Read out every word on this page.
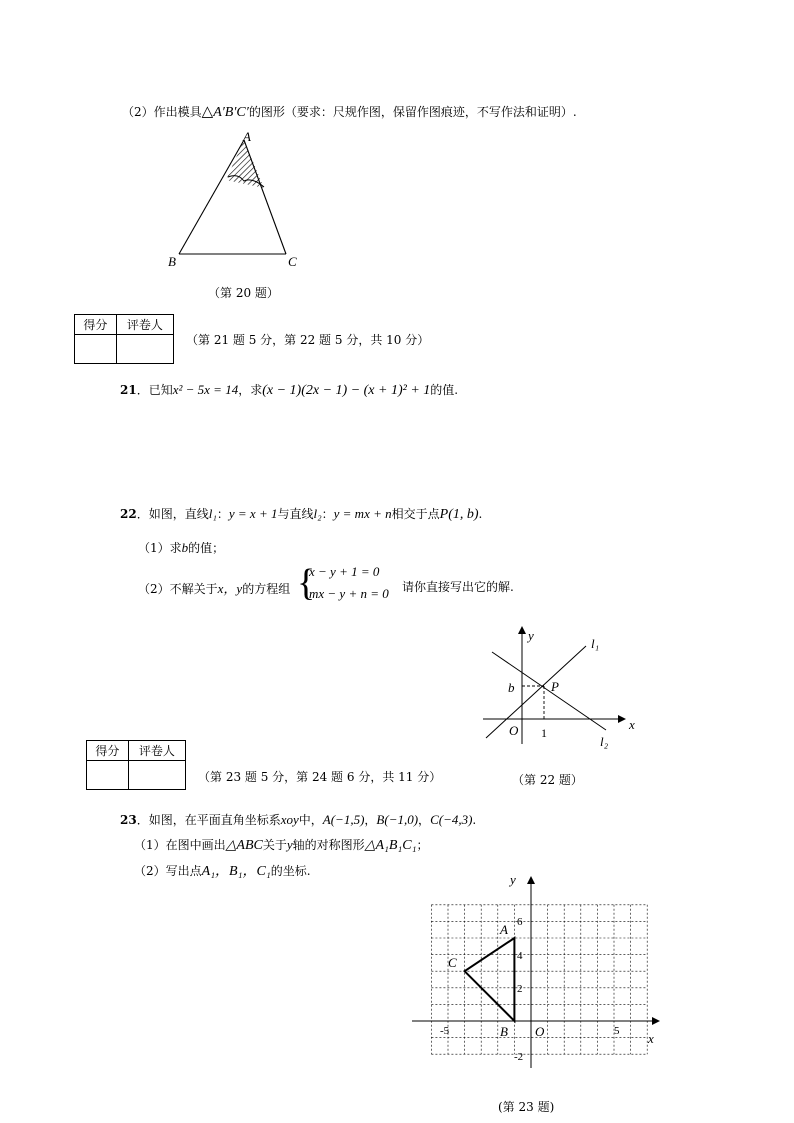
（2）作出模具△A′B′C′的图形（要求：尺规作图，保留作图痕迹，不写作法和证明）.
A
B	C
（第 20 题）
得分	评卷人

（第 21 题 5 分，第 22 题 5 分，共 10 分）
21．已知x² − 5x = 14，求(x − 1)(2x − 1) − (x + 1)² + 1的值.
22．如图，直线l₁：y = x + 1与直线l₂：y = mx + n相交于点P(1, b).
（1）求b的值；
（2）不解关于x，y的方程组 {
x − y + 1 = 0
mx − y + n = 0 请你直接写出它的解.
y
x
l₁
l₂
b	P
O 1
（第 22 题）
得分	评卷人

（第 23 题 5 分，第 24 题 6 分，共 11 分）
23．如图，在平面直角坐标系xoy中，A(−1,5)，B(−1,0)，C(−4,3).
（1）在图中画出△ABC关于y轴的对称图形△A₁B₁C₁；
（2）写出点A₁，B₁，C₁的坐标.
y
x
A
B
C
O
6
4
2
-2
-5	5
(第 23 题)
